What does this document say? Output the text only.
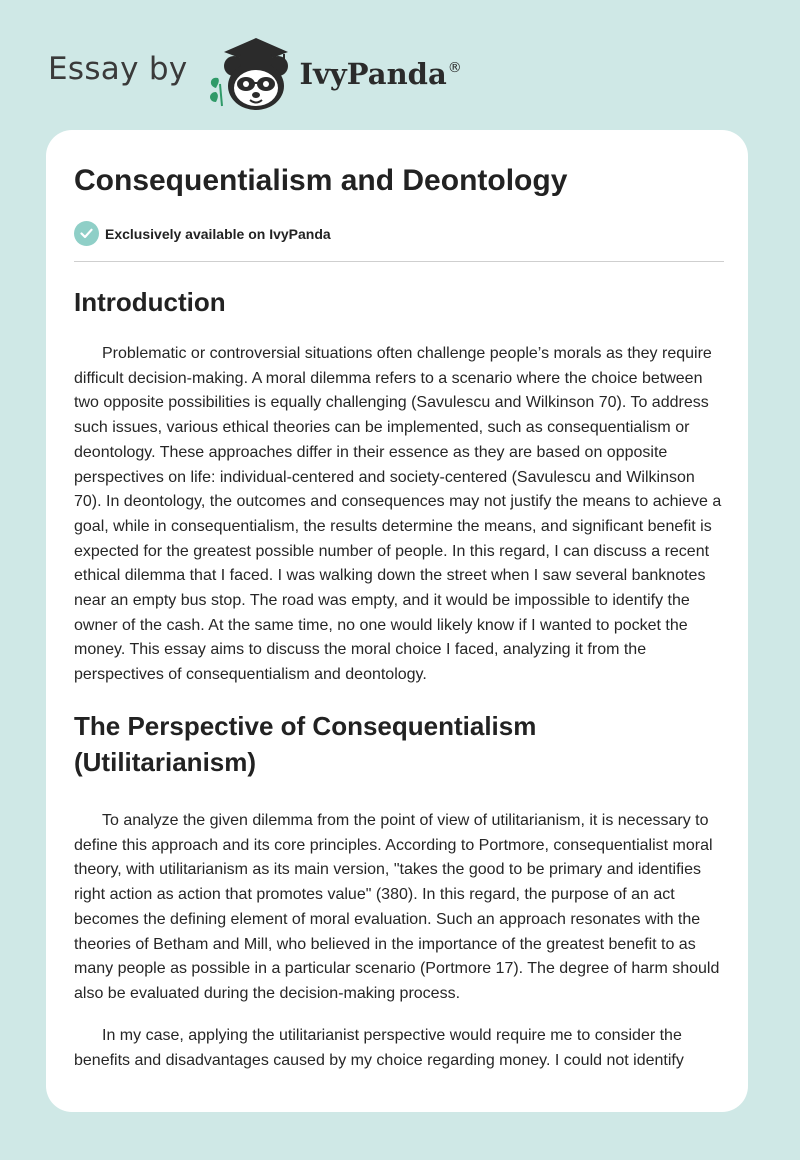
Essay by	IvyPanda®
Consequentialism and Deontology
Exclusively available on IvyPanda
Introduction

Problematic or controversial situations often challenge people’s morals as they require difficult decision-making. A moral dilemma refers to a scenario where the choice between two opposite possibilities is equally challenging (Savulescu and Wilkinson 70). To address such issues, various ethical theories can be implemented, such as consequentialism or deontology. These approaches differ in their essence as they are based on opposite perspectives on life: individual-centered and society-centered (Savulescu and Wilkinson 70). In deontology, the outcomes and consequences may not justify the means to achieve a goal, while in consequentialism, the results determine the means, and significant benefit is expected for the greatest possible number of people. In this regard, I can discuss a recent ethical dilemma that I faced. I was walking down the street when I saw several banknotes near an empty bus stop. The road was empty, and it would be impossible to identify the owner of the cash. At the same time, no one would likely know if I wanted to pocket the money. This essay aims to discuss the moral choice I faced, analyzing it from the perspectives of consequentialism and deontology.

The Perspective of Consequentialism (Utilitarianism)

To analyze the given dilemma from the point of view of utilitarianism, it is necessary to define this approach and its core principles. According to Portmore, consequentialist moral theory, with utilitarianism as its main version, "takes the good to be primary and identifies right action as action that promotes value" (380). In this regard, the purpose of an act becomes the defining element of moral evaluation. Such an approach resonates with the theories of Betham and Mill, who believed in the importance of the greatest benefit to as many people as possible in a particular scenario (Portmore 17). The degree of harm should also be evaluated during the decision-making process.

In my case, applying the utilitarianist perspective would require me to consider the benefits and disadvantages caused by my choice regarding money. I could not identify
